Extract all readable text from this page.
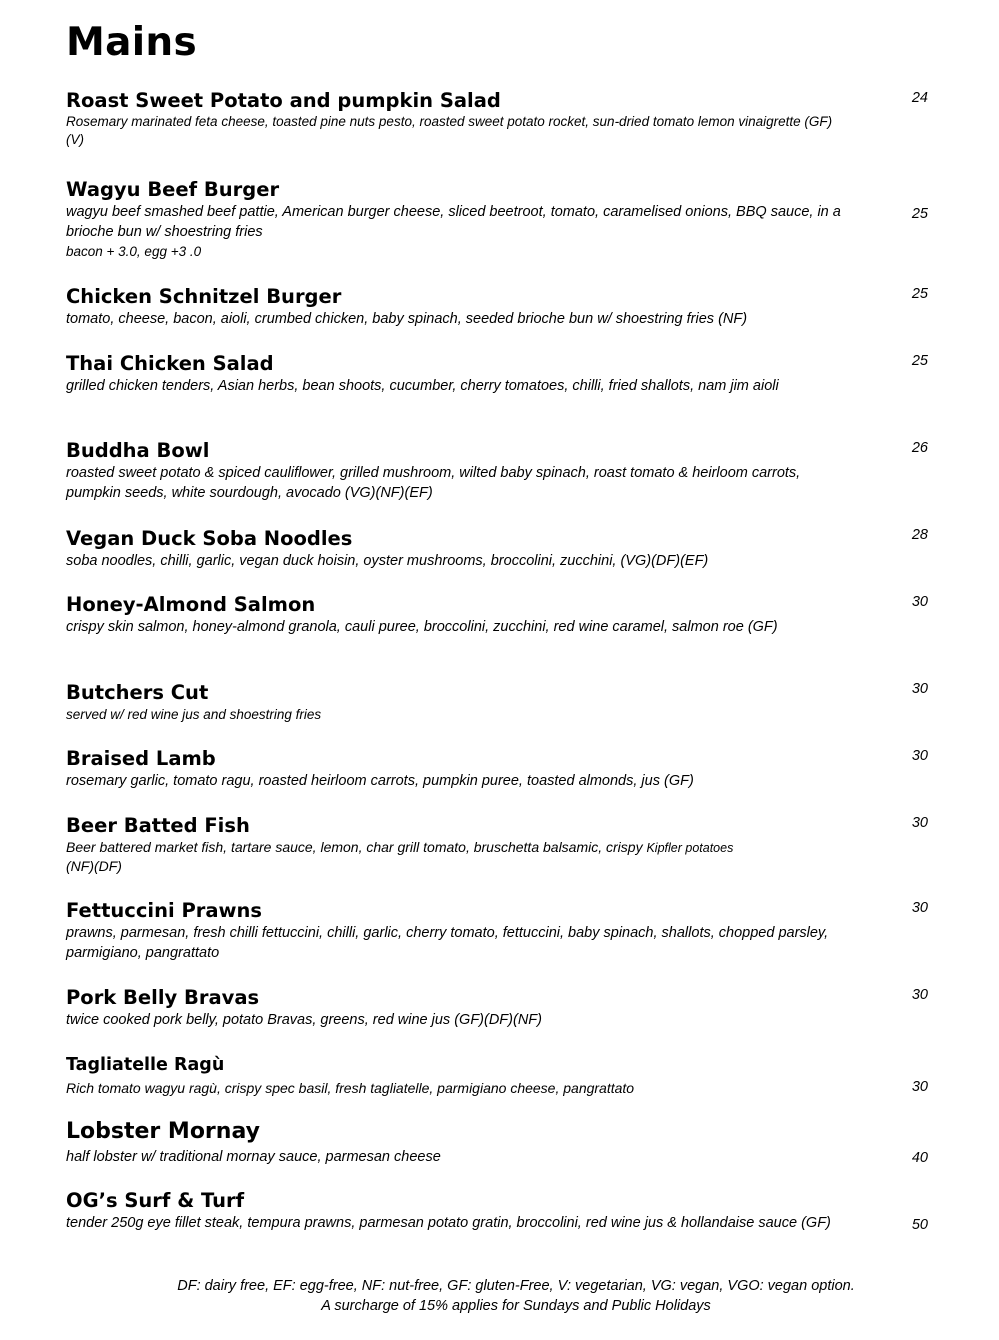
Mains
Roast Sweet Potato and pumpkin Salad
Rosemary marinated feta cheese, toasted pine nuts pesto, roasted sweet potato rocket, sun-dried tomato lemon vinaigrette (GF)(V)
24
Wagyu Beef Burger
wagyu beef smashed beef pattie, American burger cheese, sliced beetroot, tomato, caramelised onions, BBQ sauce, in a brioche bun w/ shoestring fries
bacon + 3.0, egg +3 .0
25
Chicken Schnitzel Burger
tomato, cheese, bacon, aioli, crumbed chicken, baby spinach, seeded brioche bun w/ shoestring fries (NF)
25
Thai Chicken Salad
grilled chicken tenders, Asian herbs, bean shoots, cucumber, cherry tomatoes, chilli, fried shallots, nam jim aioli
25
Buddha Bowl
roasted sweet potato & spiced cauliflower, grilled mushroom, wilted baby spinach, roast tomato & heirloom carrots, pumpkin seeds, white sourdough, avocado (VG)(NF)(EF)
26
Vegan Duck Soba Noodles
soba noodles, chilli, garlic, vegan duck hoisin, oyster mushrooms, broccolini, zucchini, (VG)(DF)(EF)
28
Honey-Almond Salmon
crispy skin salmon, honey-almond granola, cauli puree, broccolini, zucchini, red wine caramel, salmon roe (GF)
30
Butchers Cut
served w/ red wine jus and shoestring fries
30
Braised Lamb
rosemary garlic, tomato ragu, roasted heirloom carrots, pumpkin puree, toasted almonds, jus (GF)
30
Beer Batted Fish
Beer battered market fish, tartare sauce, lemon, char grill tomato, bruschetta balsamic, crispy Kipfler potatoes
(NF)(DF)
30
Fettuccini Prawns
prawns, parmesan, fresh chilli fettuccini, chilli, garlic, cherry tomato, fettuccini, baby spinach, shallots, chopped parsley, parmigiano, pangrattato
30
Pork Belly Bravas
twice cooked pork belly, potato Bravas, greens, red wine jus (GF)(DF)(NF)
30
Tagliatelle Ragù
Rich tomato wagyu ragù, crispy spec basil, fresh tagliatelle, parmigiano cheese, pangrattato	30
Lobster Mornay
half lobster w/ traditional mornay sauce, parmesan cheese	40
OG’s Surf & Turf
tender 250g eye fillet steak, tempura prawns, parmesan potato gratin, broccolini, red wine jus & hollandaise sauce (GF)	50
DF: dairy free, EF: egg-free, NF: nut-free, GF: gluten-Free, V: vegetarian, VG: vegan, VGO: vegan option.
A surcharge of 15% applies for Sundays and Public Holidays
